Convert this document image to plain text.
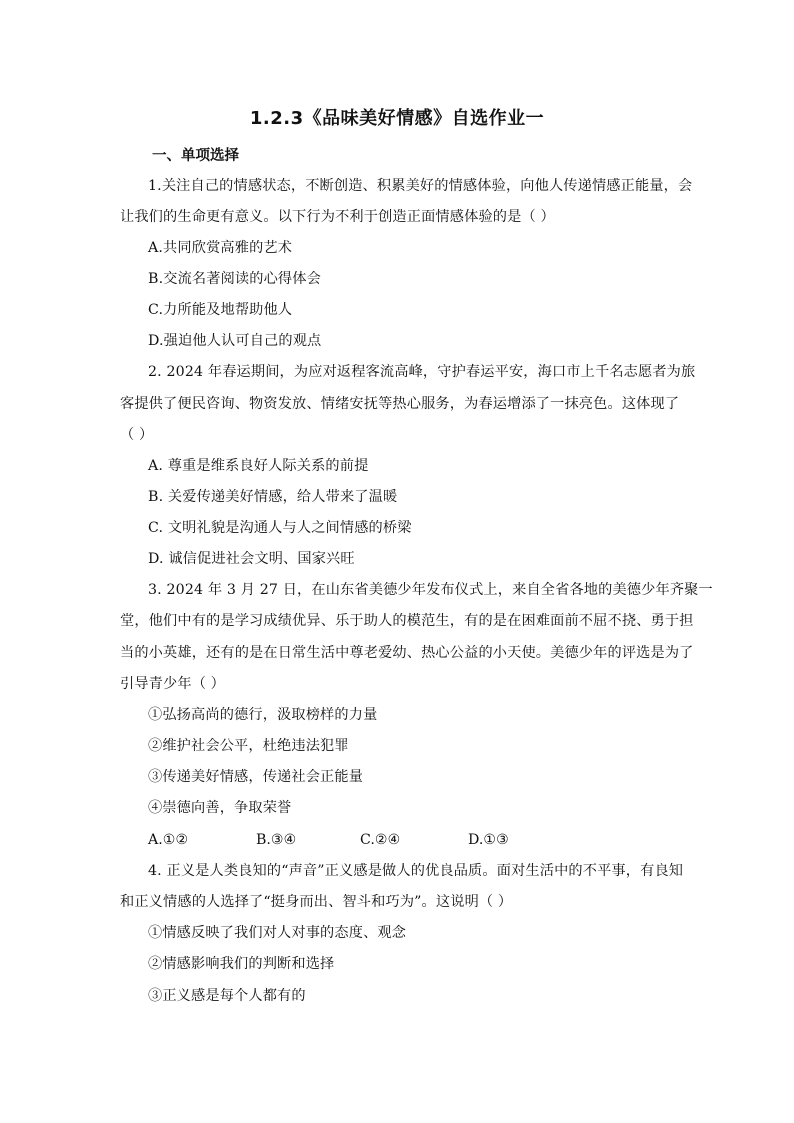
1.2.3《品味美好情感》自选作业一
一、单项选择
1.关注自己的情感状态，不断创造、积累美好的情感体验，向他人传递情感正能量，会
让我们的生命更有意义。以下行为不利于创造正面情感体验的是（ ）
A.共同欣赏高雅的艺术
B.交流名著阅读的心得体会
C.力所能及地帮助他人
D.强迫他人认可自己的观点
2. 2024 年春运期间，为应对返程客流高峰，守护春运平安，海口市上千名志愿者为旅
客提供了便民咨询、物资发放、情绪安抚等热心服务，为春运增添了一抹亮色。这体现了
（ ）
A. 尊重是维系良好人际关系的前提
B. 关爱传递美好情感，给人带来了温暖
C. 文明礼貌是沟通人与人之间情感的桥梁
D. 诚信促进社会文明、国家兴旺
3. 2024 年 3 月 27 日，在山东省美德少年发布仪式上，来自全省各地的美德少年齐聚一
堂，他们中有的是学习成绩优异、乐于助人的模范生，有的是在困难面前不屈不挠、勇于担
当的小英雄，还有的是在日常生活中尊老爱幼、热心公益的小天使。美德少年的评选是为了
引导青少年（ ）
①弘扬高尚的德行，汲取榜样的力量
②维护社会公平，杜绝违法犯罪
③传递美好情感，传递社会正能量
④崇德向善，争取荣誉
A.①②	B.③④	C.②④	D.①③
4. 正义是人类良知的“声音”正义感是做人的优良品质。面对生活中的不平事，有良知
和正义情感的人选择了“挺身而出、智斗和巧为”。这说明（ ）
①情感反映了我们对人对事的态度、观念
②情感影响我们的判断和选择
③正义感是每个人都有的
